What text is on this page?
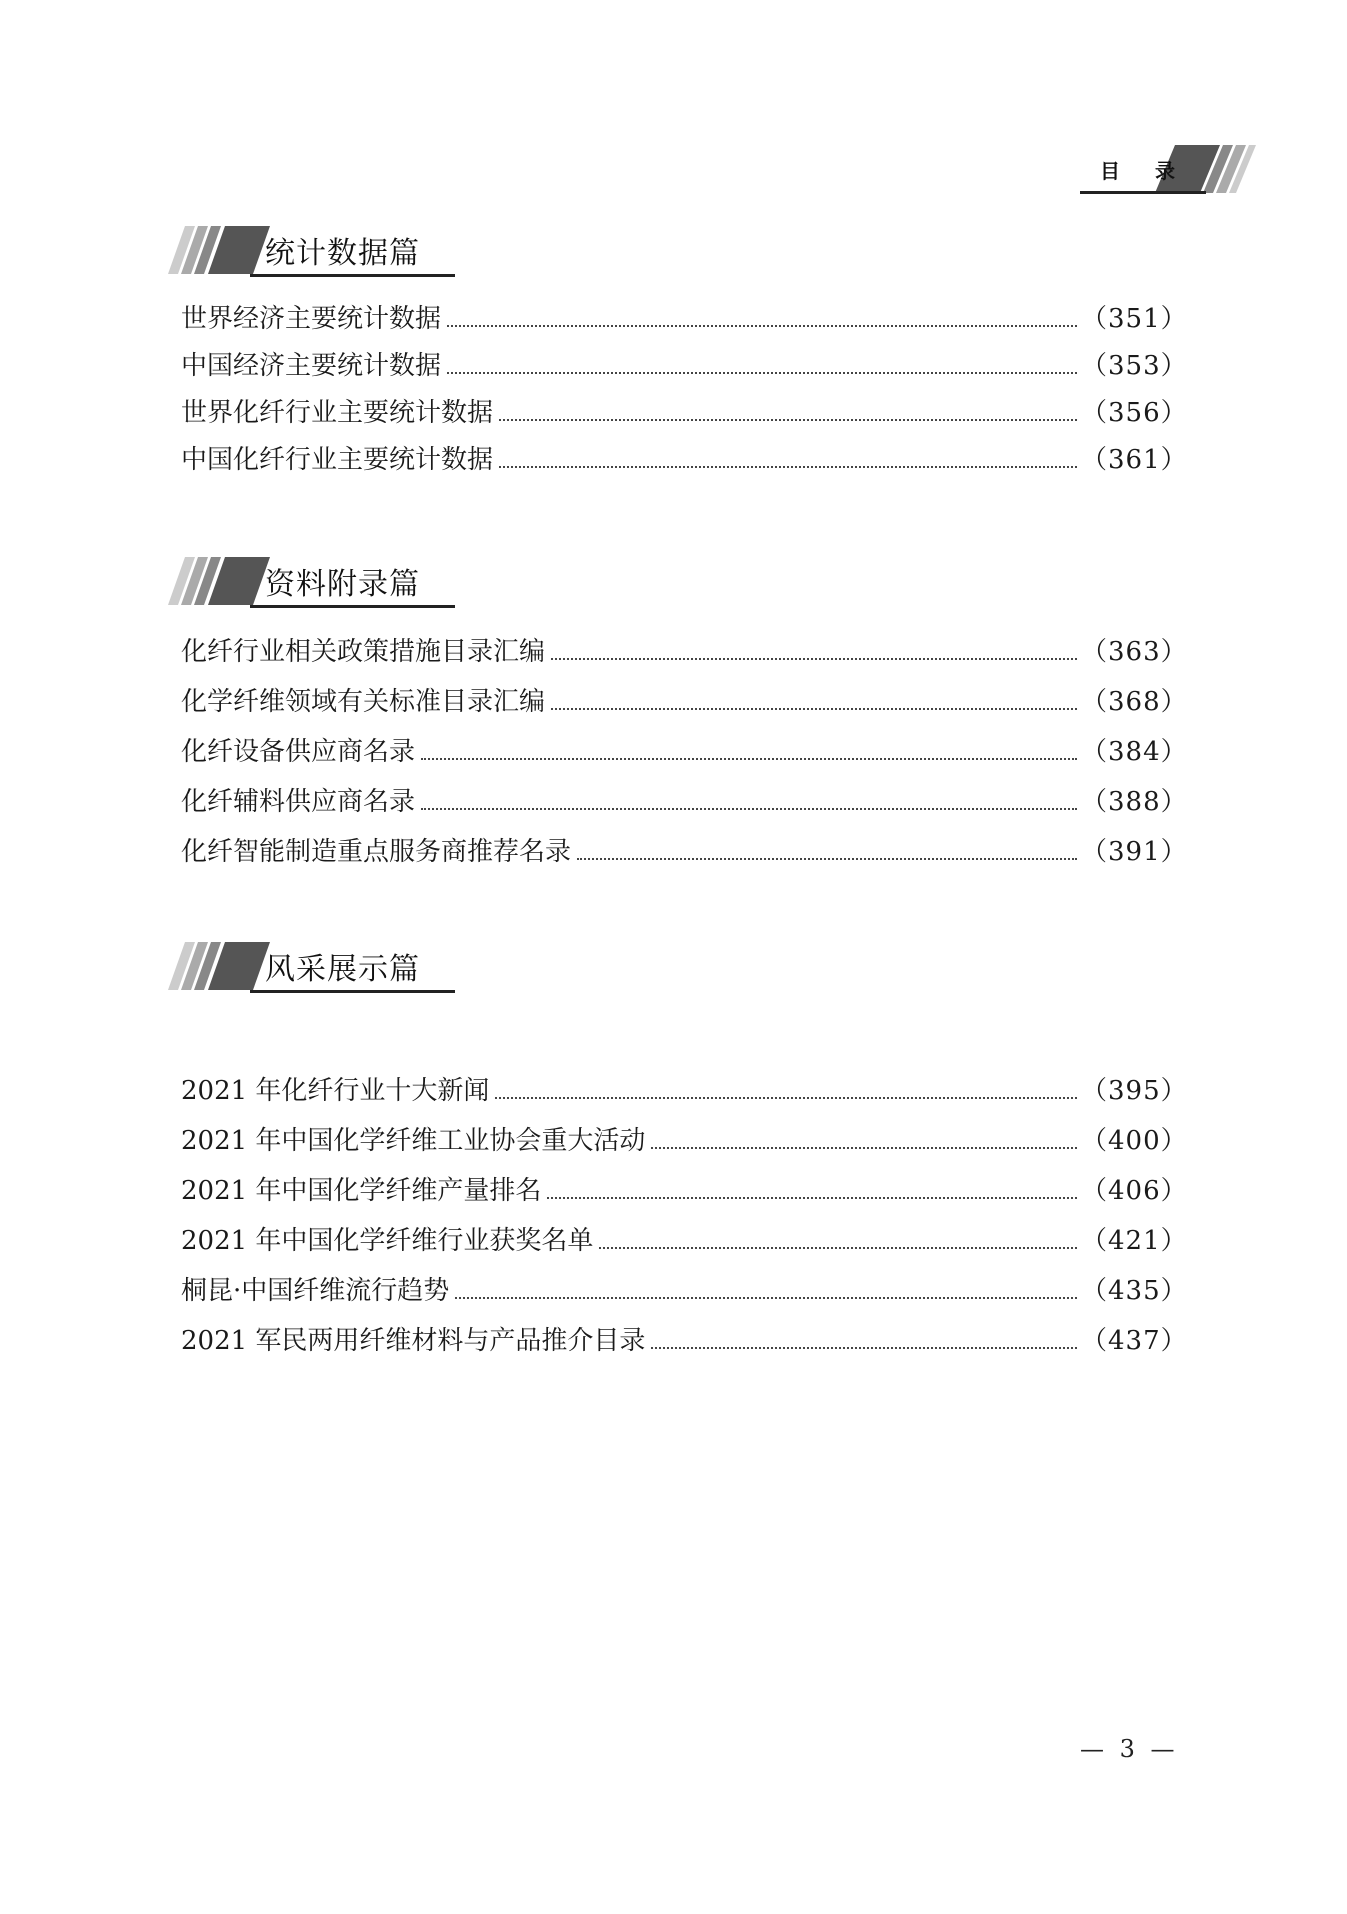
目 录
统计数据篇
世界经济主要统计数据	（351）
中国经济主要统计数据	（353）
世界化纤行业主要统计数据	（356）
中国化纤行业主要统计数据	（361）
资料附录篇
化纤行业相关政策措施目录汇编	（363）
化学纤维领域有关标准目录汇编	（368）
化纤设备供应商名录	（384）
化纤辅料供应商名录	（388）
化纤智能制造重点服务商推荐名录	（391）
风采展示篇
2021 年化纤行业十大新闻	（395）
2021 年中国化学纤维工业协会重大活动	（400）
2021 年中国化学纤维产量排名	（406）
2021 年中国化学纤维行业获奖名单	（421）
桐昆·中国纤维流行趋势	（435）
2021 军民两用纤维材料与产品推介目录	（437）
— 3 —
